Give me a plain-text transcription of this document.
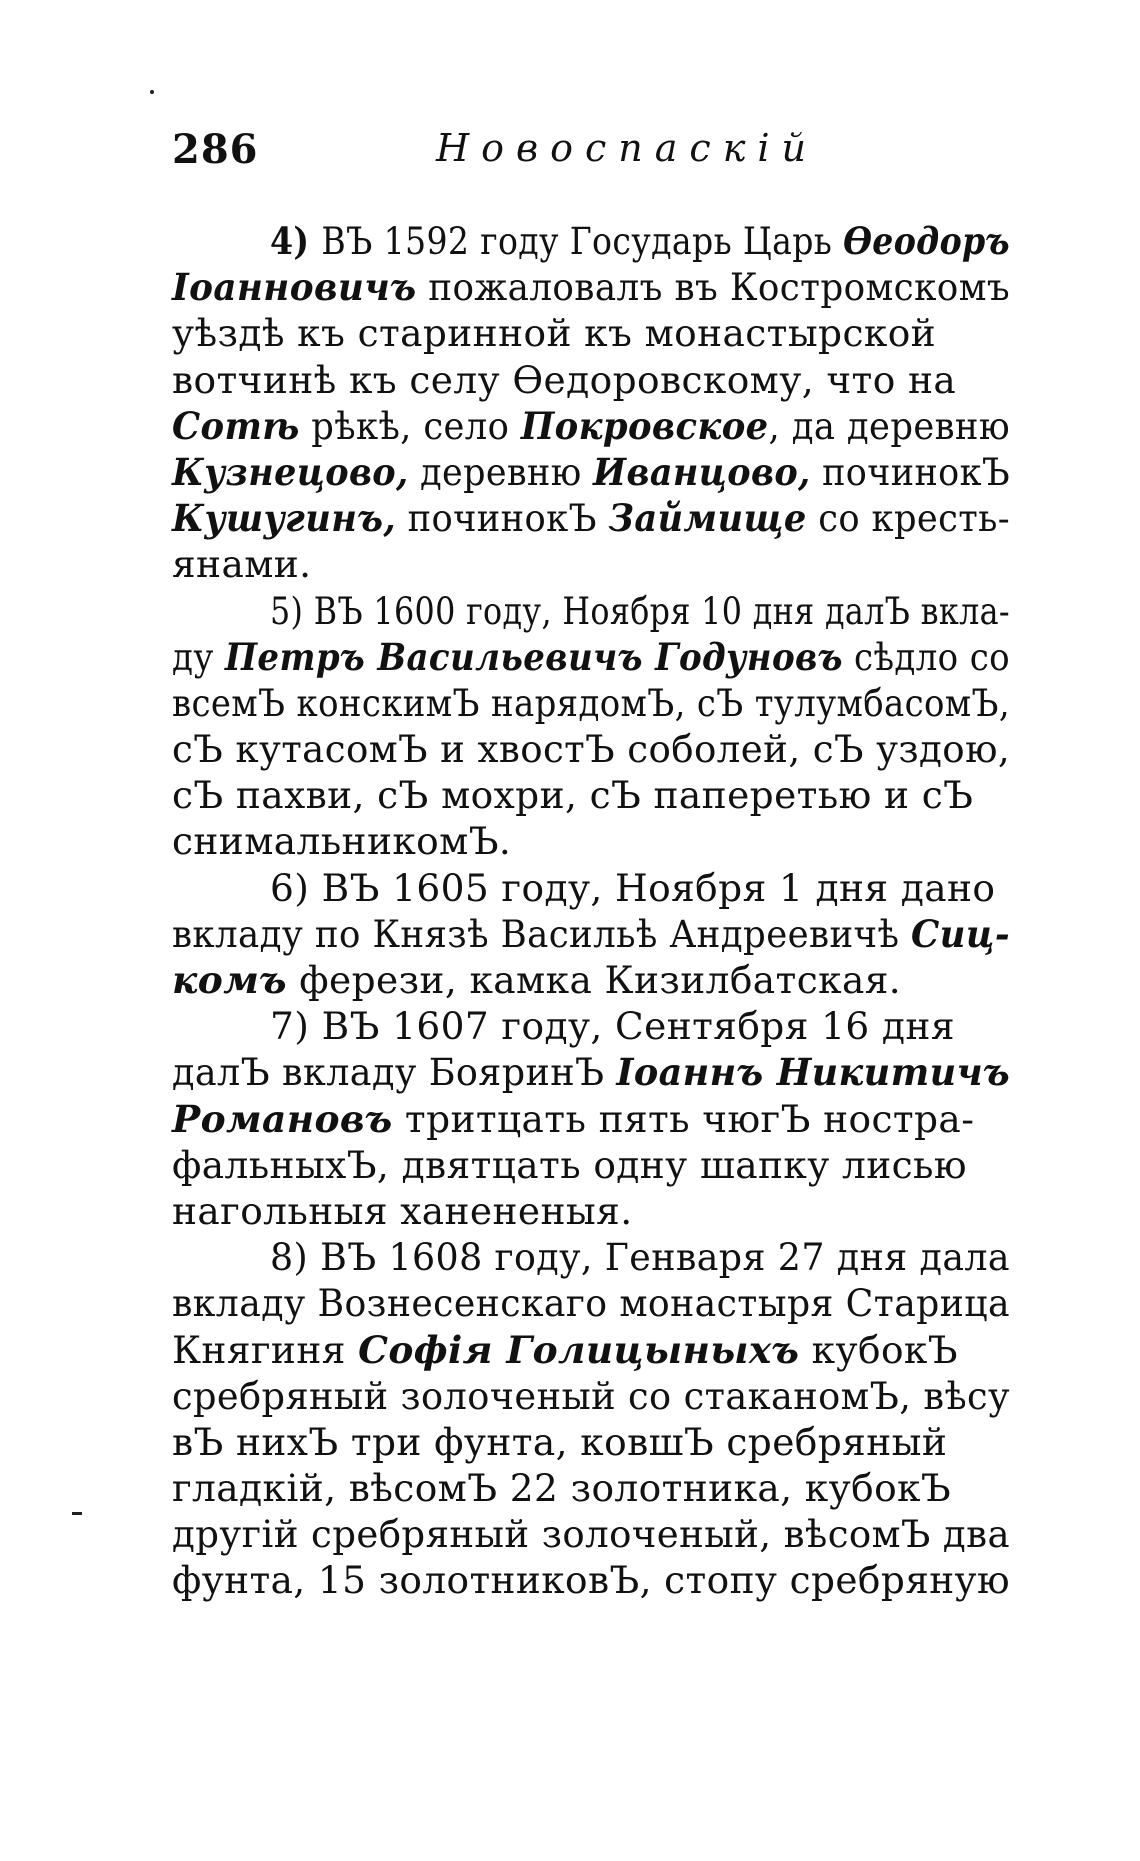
286	Новоспаскій

4) ВЪ 1592 году Государь Царь Ѳеодоръ
Іоанновичъ пожаловалъ въ Костромскомъ
уѣздѣ къ старинной къ монастырской
вотчинѣ къ селу Ѳедоровскому, что на
Сотѣ рѣкѣ, село Покровское, да деревню
Кузнецово, деревню Иванцово, починокЪ
Кушугинъ, починокЪ Займище со кресть-
янами.

5) ВЪ 1600 году, Ноября 10 дня далЪ вкла-
ду Петръ Васильевичъ Годуновъ сѣдло со
всемЪ конскимЪ нарядомЪ, сЪ тулумбасомЪ,
сЪ кутасомЪ и хвостЪ соболей, сЪ уздою,
сЪ пахви, сЪ мохри, сЪ паперетью и сЪ
снимальникомЪ.

6) ВЪ 1605 году, Ноября 1 дня дано
вкладу по Князѣ Васильѣ Андреевичѣ Сиц-
комъ ферези, камка Кизилбатская.

7) ВЪ 1607 году, Сентября 16 дня
далЪ вкладу БояринЪ Іоаннъ Никитичъ
Романовъ тритцать пять чюгЪ нострa-
фальныхЪ, двятцать одну шапку лисью
нагольныя ханененыя.

8) ВЪ 1608 году, Генваря 27 дня дала
вкладу Вознесенскаго монастыря Старица
Княгиня Софія Голицыныхъ кубокЪ
сребряный золоченый со стаканомЪ, вѣсу
вЪ нихЪ три фунта, ковшЪ сребряный
гладкій, вѣсомЪ 22 золотника, кубокЪ
другій сребряный золоченый, вѣсомЪ два
фунта, 15 золотниковЪ, стопу сребряную
